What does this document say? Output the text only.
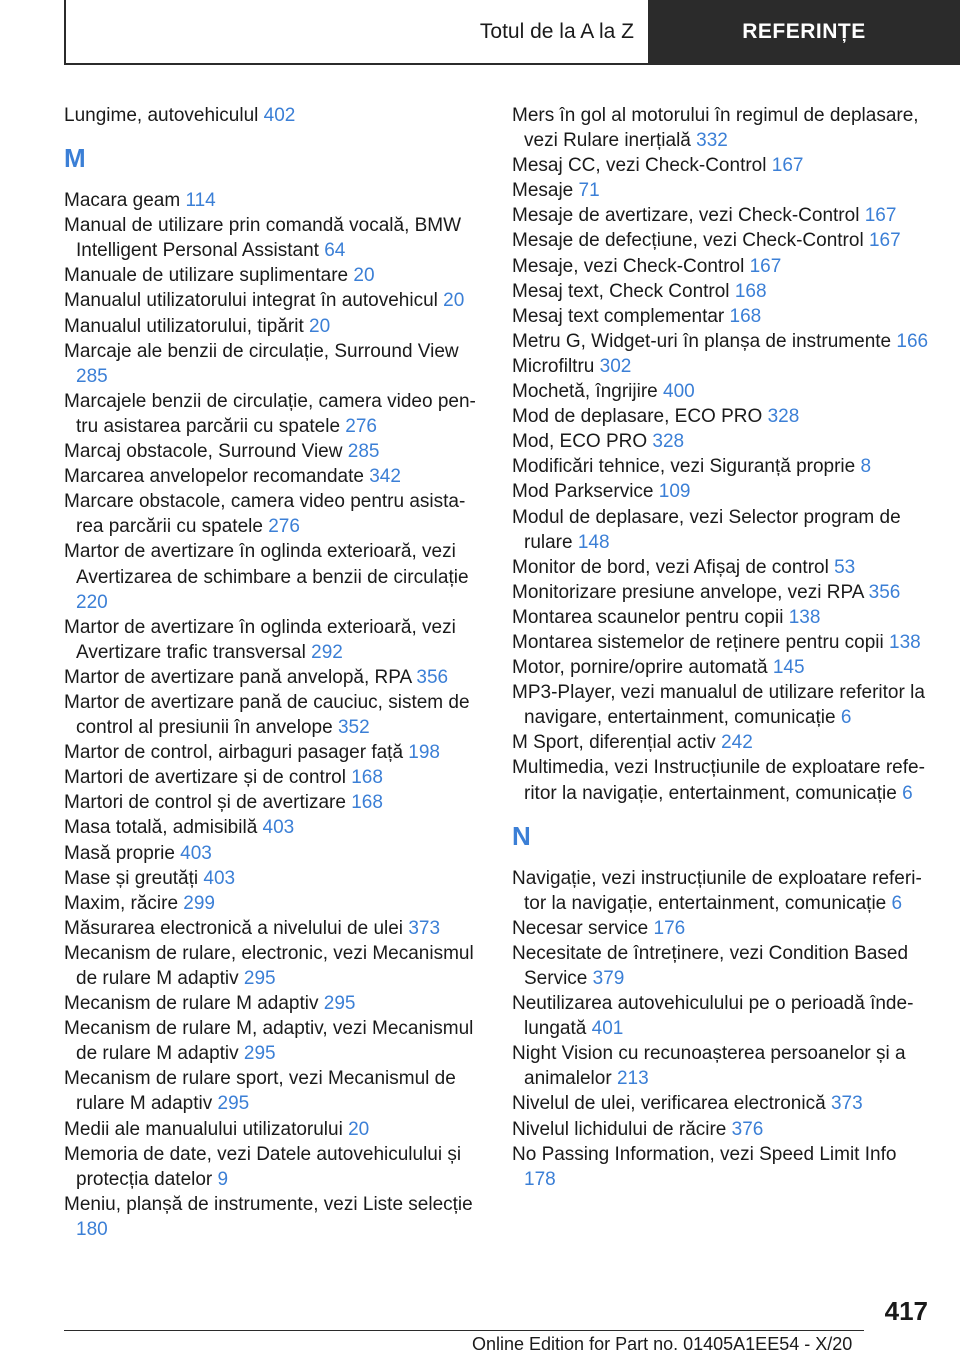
Totul de la A la Z	REFERINȚE
Lungime, autovehiculul 402
M
Macara geam 114
Manual de utilizare prin comandă vocală, BMW Intelligent Personal Assistant 64
Manuale de utilizare suplimentare 20
Manualul utilizatorului integrat în autovehicul 20
Manualul utilizatorului, tipărit 20
Marcaje ale benzii de circulație, Surround View 285
Marcajele benzii de circulație, camera video pentru asistarea parcării cu spatele 276
Marcaj obstacole, Surround View 285
Marcarea anvelopelor recomandate 342
Marcare obstacole, camera video pentru asistarea parcării cu spatele 276
Martor de avertizare în oglinda exterioară, vezi Avertizarea de schimbare a benzii de circulație 220
Martor de avertizare în oglinda exterioară, vezi Avertizare trafic transversal 292
Martor de avertizare pană anvelopă, RPA 356
Martor de avertizare pană de cauciuc, sistem de control al presiunii în anvelope 352
Martor de control, airbaguri pasager față 198
Martori de avertizare și de control 168
Martori de control și de avertizare 168
Masa totală, admisibilă 403
Masă proprie 403
Mase și greutăți 403
Maxim, răcire 299
Măsurarea electronică a nivelului de ulei 373
Mecanism de rulare, electronic, vezi Mecanismul de rulare M adaptiv 295
Mecanism de rulare M adaptiv 295
Mecanism de rulare M, adaptiv, vezi Mecanismul de rulare M adaptiv 295
Mecanism de rulare sport, vezi Mecanismul de rulare M adaptiv 295
Medii ale manualului utilizatorului 20
Memoria de date, vezi Datele autovehiculului și protecția datelor 9
Meniu, planșă de instrumente, vezi Liste selecție 180
Mers în gol al motorului în regimul de deplasare, vezi Rulare inerțială 332
Mesaj CC, vezi Check-Control 167
Mesaje 71
Mesaje de avertizare, vezi Check-Control 167
Mesaje de defecțiune, vezi Check-Control 167
Mesaje, vezi Check-Control 167
Mesaj text, Check Control 168
Mesaj text complementar 168
Metru G, Widget-uri în planșa de instrumente 166
Microfiltru 302
Mochetă, îngrijire 400
Mod de deplasare, ECO PRO 328
Mod, ECO PRO 328
Modificări tehnice, vezi Siguranță proprie 8
Mod Parkservice 109
Modul de deplasare, vezi Selector program de rulare 148
Monitor de bord, vezi Afișaj de control 53
Monitorizare presiune anvelope, vezi RPA 356
Montarea scaunelor pentru copii 138
Montarea sistemelor de reținere pentru copii 138
Motor, pornire/oprire automată 145
MP3-Player, vezi manualul de utilizare referitor la navigare, entertainment, comunicație 6
M Sport, diferențial activ 242
Multimedia, vezi Instrucțiunile de exploatare referitor la navigație, entertainment, comunicație 6
N
Navigație, vezi instrucțiunile de exploatare referitor la navigație, entertainment, comunicație 6
Necesar service 176
Necesitate de întreținere, vezi Condition Based Service 379
Neutilizarea autovehiculului pe o perioadă îndelungată 401
Night Vision cu recunoașterea persoanelor și a animalelor 213
Nivelul de ulei, verificarea electronică 373
Nivelul lichidului de răcire 376
No Passing Information, vezi Speed Limit Info 178
417
Online Edition for Part no. 01405A1EE54 - X/20
